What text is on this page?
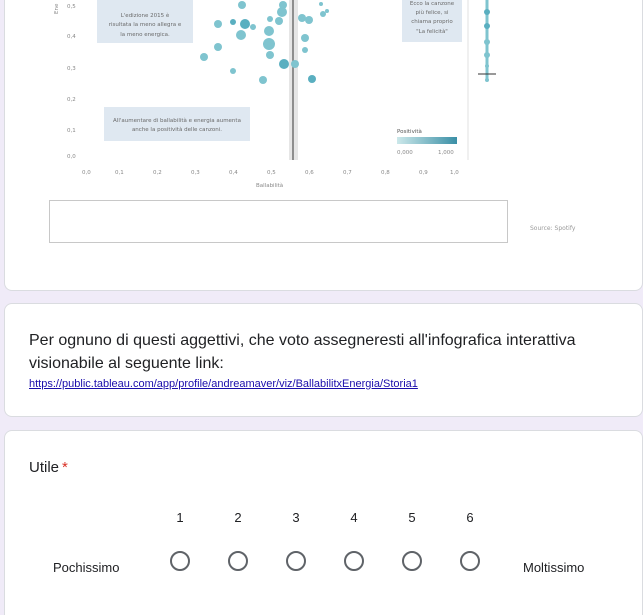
Ene 0,5
0,4
0,3
0,2
0,1
0,0
0,0	0,1	0,2	0,3	0,4	0,5	0,6	0,7	0,8	0,9	1,0
Ballabilità
L'edizione 2015 è
risultata la meno allegra e
la meno energica.
Ecco la canzone
più felice, si
chiama proprio
"La felicità"
All'aumentare di ballabilità e energia aumenta
anche la positività delle canzoni.	Positività
0,000	1,000
Source: Spotify
Per ognuno di questi aggettivi, che voto assegneresti all'infografica interattiva visionabile al seguente link:
https://public.tableau.com/app/profile/andreamaver/viz/BallabilitxEnergia/Storia1
Utile *
1	2	3	4	5	6
Pochissimo	Moltissimo
